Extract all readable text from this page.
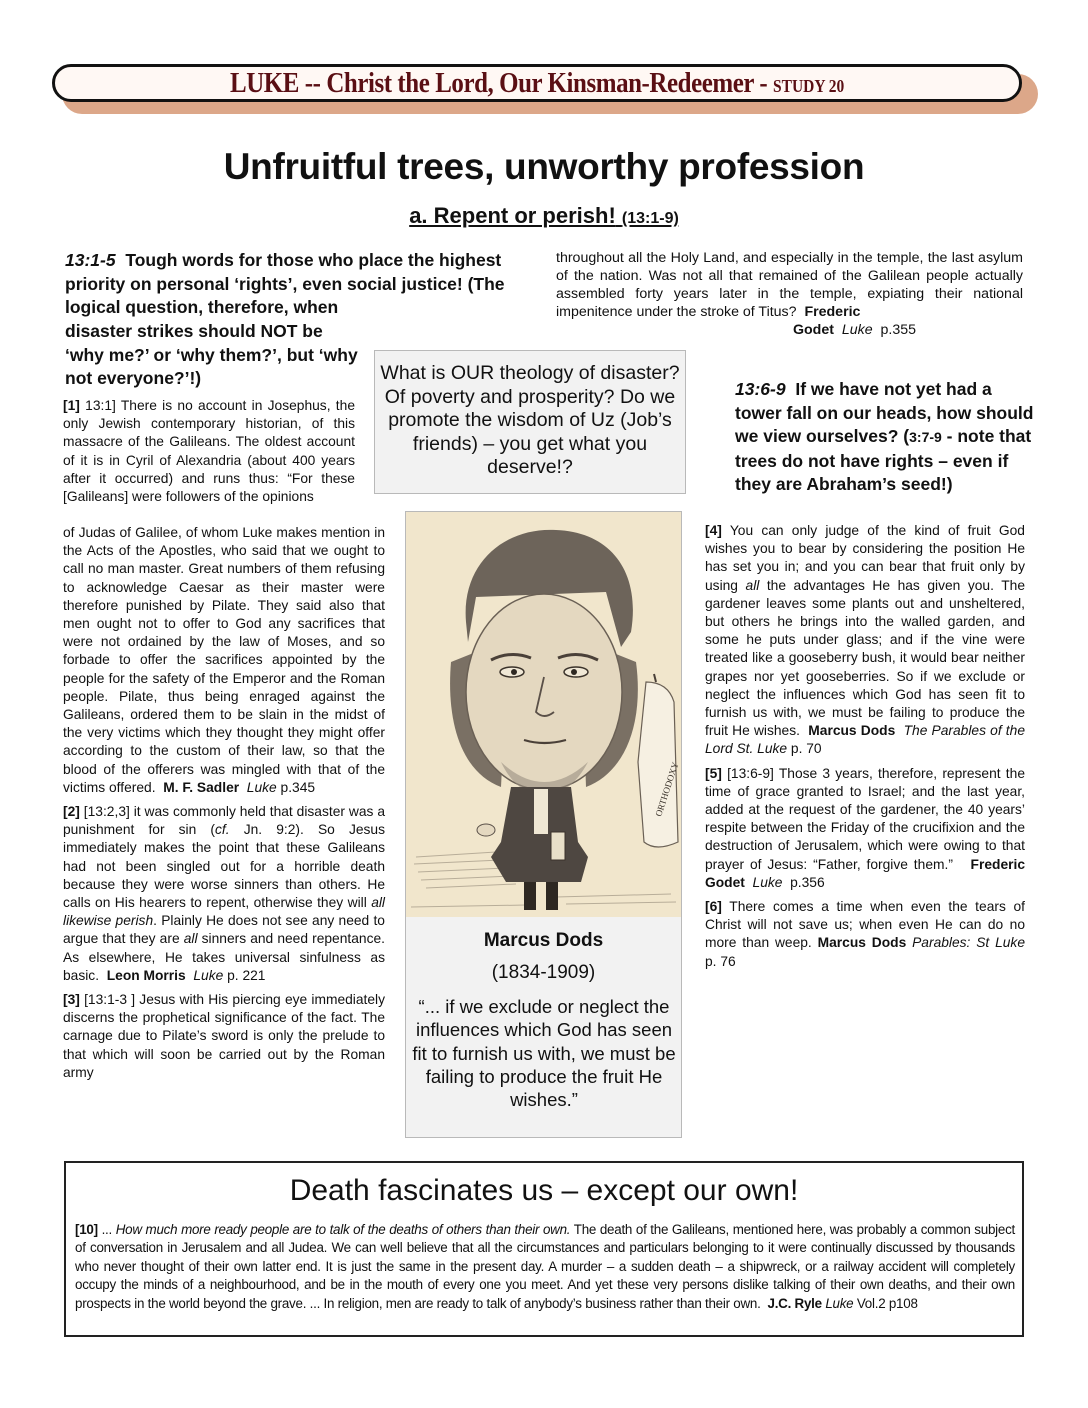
LUKE -- Christ the Lord, Our Kinsman-Redeemer - STUDY 20
Unfruitful trees, unworthy profession
a. Repent or perish! (13:1-9)
13:1-5 Tough words for those who place the highest priority on personal ‘rights’, even social justice! (The logical question, therefore, when
disaster strikes should NOT be ‘why me?’ or ‘why them?’, but ‘why not everyone?’!)

[1] 13:1] There is no account in Josephus, the only Jewish contemporary historian, of this massacre of the Galileans. The oldest account of it is in Cyril of Alexandria (about 400 years after it occurred) and runs thus: “For these [Galileans] were followers of the opinions

of Judas of Galilee, of whom Luke makes mention in the Acts of the Apostles, who said that we ought to call no man master. Great numbers of them refusing to acknowledge Caesar as their master were therefore punished by Pilate. They said also that men ought not to offer to God any sacrifices that were not ordained by the law of Moses, and so forbade to offer the sacrifices appointed by the people for the safety of the Emperor and the Roman people. Pilate, thus being enraged against the Galileans, ordered them to be slain in the midst of the very victims which they thought they might offer according to the custom of their law, so that the blood of the offerers was mingled with that of the victims offered. M. F. Sadler Luke p.345

[2] [13:2,3] it was commonly held that disaster was a punishment for sin (cf. Jn. 9:2). So Jesus immediately makes the point that these Galileans had not been singled out for a horrible death because they were worse sinners than others. He calls on His hearers to repent, otherwise they will all likewise perish. Plainly He does not see any need to argue that they are all sinners and need repentance. As elsewhere, He takes universal sinfulness as basic. Leon Morris Luke p. 221

[3] [13:1-3 ] Jesus with His piercing eye immediately discerns the prophetical significance of the fact. The carnage due to Pilate’s sword is only the prelude to that which will soon be carried out by the Roman army

throughout all the Holy Land, and especially in the temple, the last asylum of the nation. Was not all that remained of the Galilean people actually assembled forty years later in the temple, expiating their national impenitence under the stroke of Titus? Frederic
Godet Luke p.355
What is OUR theology of disaster? Of poverty and prosperity? Do we promote the wisdom of Uz (Job’s friends) – you get what you deserve!?
13:6-9 If we have not yet had a tower fall on our heads, how should we view ourselves? (3:7-9 - note that trees do not have rights – even if they are Abraham’s seed!)

[4] You can only judge of the kind of fruit God wishes you to bear by considering the position He has set you in; and you can bear that fruit only by using all the advantages He has given you. The gardener leaves some plants out and unsheltered, but others he brings into the walled garden, and some he puts under glass; and if the vine were treated like a gooseberry bush, it would bear neither grapes nor yet gooseberries. So if we exclude or neglect the influences which God has seen fit to furnish us with, we must be failing to produce the fruit He wishes. Marcus Dods The Parables of the Lord St. Luke p. 70

[5] [13:6-9] Those 3 years, therefore, represent the time of grace granted to Israel; and the last year, added at the request of the gardener, the 40 years’ respite between the Friday of the crucifixion and the destruction of Jerusalem, which were owing to that prayer of Jesus: “Father, forgive them.” Frederic Godet Luke p.356

[6] There comes a time when even the tears of Christ will not save us; when even He can do no more than weep. Marcus Dods Parables: St Luke p. 76

ORTHODOXY
Marcus Dods
(1834-1909)
“... if we exclude or neglect the influences which God has seen fit to furnish us with, we must be failing to produce the fruit He wishes.”
Death fascinates us – except our own!
[10] ... How much more ready people are to talk of the deaths of others than their own. The death of the Galileans, mentioned here, was probably a common subject of conversation in Jerusalem and all Judea. We can well believe that all the circumstances and particulars belonging to it were continually discussed by thousands who never thought of their own latter end. It is just the same in the present day. A murder – a sudden death – a shipwreck, or a railway accident will completely occupy the minds of a neighbourhood, and be in the mouth of every one you meet. And yet these very persons dislike talking of their own deaths, and their own prospects in the world beyond the grave. ... In religion, men are ready to talk of anybody’s business rather than their own. J.C. Ryle Luke Vol.2 p108
